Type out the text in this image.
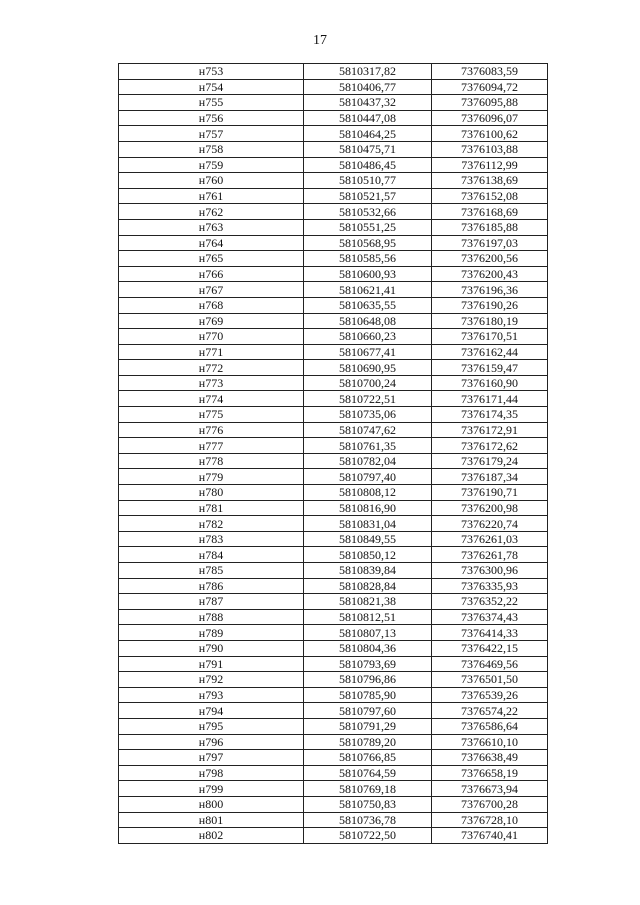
17
н753	5810317,82	7376083,59
н754	5810406,77	7376094,72
н755	5810437,32	7376095,88
н756	5810447,08	7376096,07
н757	5810464,25	7376100,62
н758	5810475,71	7376103,88
н759	5810486,45	7376112,99
н760	5810510,77	7376138,69
н761	5810521,57	7376152,08
н762	5810532,66	7376168,69
н763	5810551,25	7376185,88
н764	5810568,95	7376197,03
н765	5810585,56	7376200,56
н766	5810600,93	7376200,43
н767	5810621,41	7376196,36
н768	5810635,55	7376190,26
н769	5810648,08	7376180,19
н770	5810660,23	7376170,51
н771	5810677,41	7376162,44
н772	5810690,95	7376159,47
н773	5810700,24	7376160,90
н774	5810722,51	7376171,44
н775	5810735,06	7376174,35
н776	5810747,62	7376172,91
н777	5810761,35	7376172,62
н778	5810782,04	7376179,24
н779	5810797,40	7376187,34
н780	5810808,12	7376190,71
н781	5810816,90	7376200,98
н782	5810831,04	7376220,74
н783	5810849,55	7376261,03
н784	5810850,12	7376261,78
н785	5810839,84	7376300,96
н786	5810828,84	7376335,93
н787	5810821,38	7376352,22
н788	5810812,51	7376374,43
н789	5810807,13	7376414,33
н790	5810804,36	7376422,15
н791	5810793,69	7376469,56
н792	5810796,86	7376501,50
н793	5810785,90	7376539,26
н794	5810797,60	7376574,22
н795	5810791,29	7376586,64
н796	5810789,20	7376610,10
н797	5810766,85	7376638,49
н798	5810764,59	7376658,19
н799	5810769,18	7376673,94
н800	5810750,83	7376700,28
н801	5810736,78	7376728,10
н802	5810722,50	7376740,41
